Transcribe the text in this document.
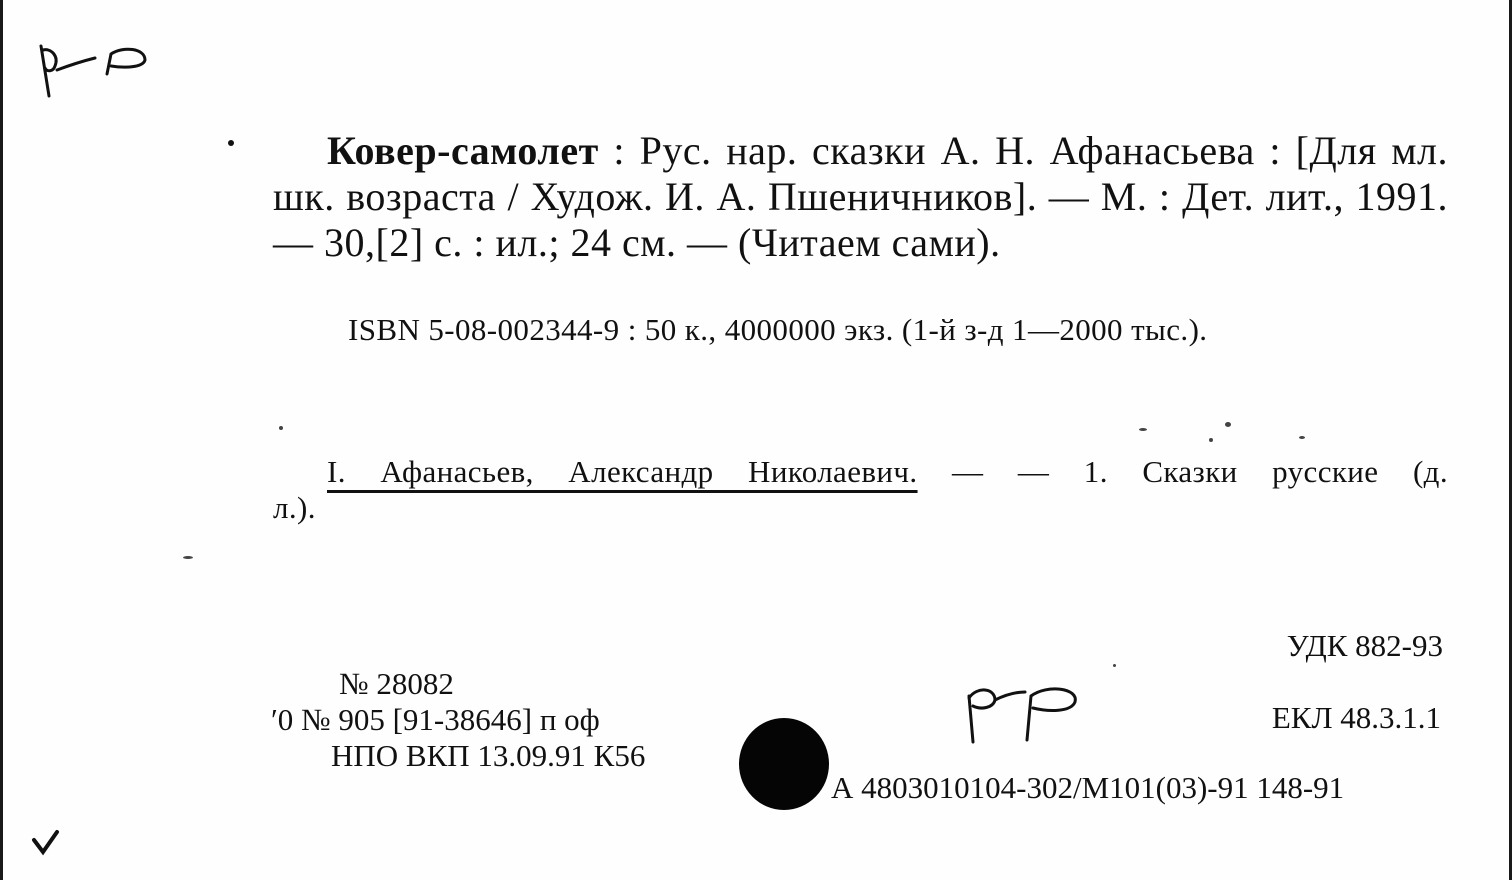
Ковер-самолет : Рус. нар. сказки А. Н. Афанасьева : [Для мл. шк. возраста / Худож. И. А. Пшеничников]. — М. : Дет. лит., 1991. — 30,[2] с. : ил.; 24 см. — (Читаем сами).
ISBN 5-08-002344-9 : 50 к., 4000000 экз. (1-й з-д 1—2000 тыс.).
I. Афанасьев, Александр Николаевич. — — 1. Сказки русские (д.
л.).
УДК 882-93
ЕКЛ 48.3.1.1
№ 28082
′0 № 905 [91-38646] п оф
НПО ВКП 13.09.91 К56
А 4803010104-302/М101(03)-91 148-91
